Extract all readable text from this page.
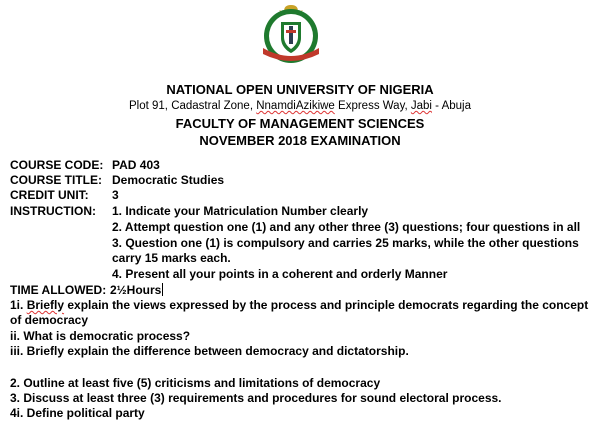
NATIONAL OPEN UNIVERSITY OF NIGERIA
Plot 91, Cadastral Zone, NnamdiAzikiwe Express Way, Jabi - Abuja
FACULTY OF MANAGEMENT SCIENCES
NOVEMBER 2018 EXAMINATION
COURSE CODE: PAD 403
COURSE TITLE: Democratic Studies
CREDIT UNIT: 3
INSTRUCTION: 1. Indicate your Matriculation Number clearly
2. Attempt question one (1) and any other three (3) questions; four questions in all
3. Question one (1) is compulsory and carries 25 marks, while the other questions
carry 15 marks each.
4. Present all your points in a coherent and orderly Manner
TIME ALLOWED: 2½Hours
1i. Briefly explain the views expressed by the process and principle democrats regarding the concept
of democracy
ii. What is democratic process?
iii. Briefly explain the difference between democracy and dictatorship.
2. Outline at least five (5) criticisms and limitations of democracy
3. Discuss at least three (3) requirements and procedures for sound electoral process.
4i. Define political party
